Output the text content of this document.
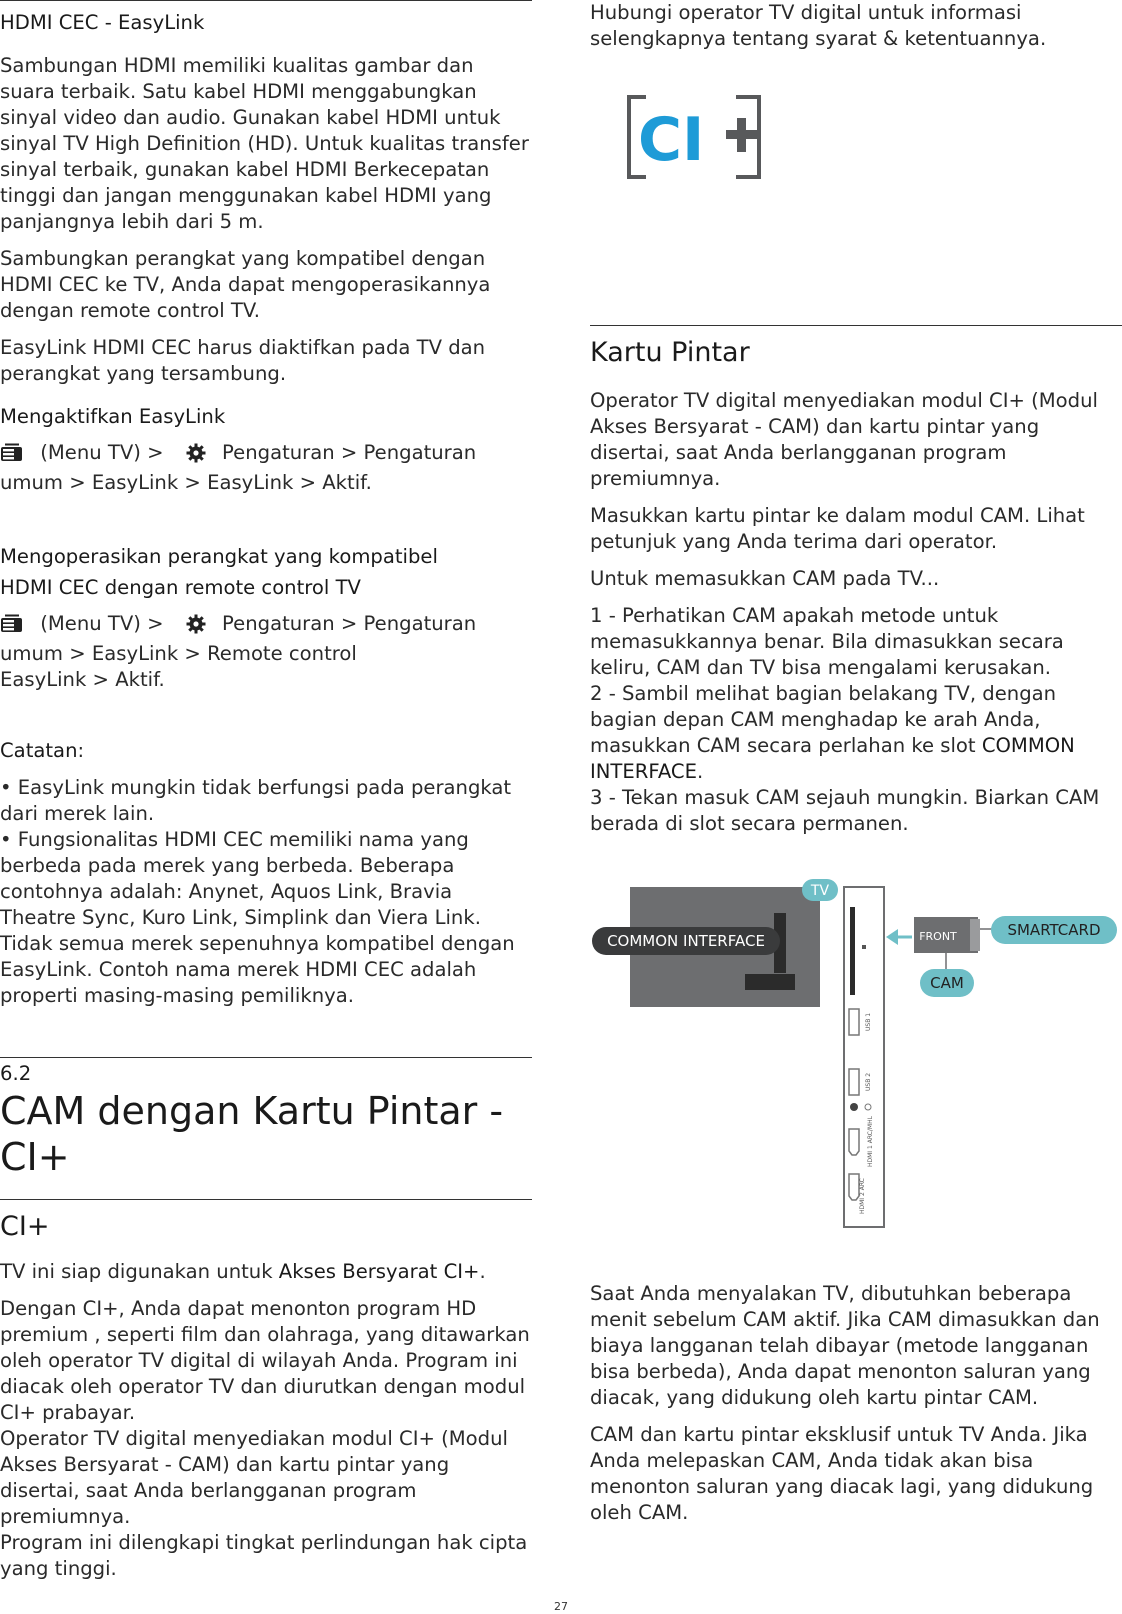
HDMI CEC - EasyLink

Sambungan HDMI memiliki kualitas gambar dan suara terbaik. Satu kabel HDMI menggabungkan sinyal video dan audio. Gunakan kabel HDMI untuk sinyal TV High Definition (HD). Untuk kualitas transfer sinyal terbaik, gunakan kabel HDMI Berkecepatan tinggi dan jangan menggunakan kabel HDMI yang panjangnya lebih dari 5 m.

Sambungkan perangkat yang kompatibel dengan HDMI CEC ke TV, Anda dapat mengoperasikannya dengan remote control TV.

EasyLink HDMI CEC harus diaktifkan pada TV dan perangkat yang tersambung.

Mengaktifkan EasyLink

(Menu TV) >	Pengaturan > Pengaturan
umum > EasyLink > EasyLink > Aktif.

Mengoperasikan perangkat yang kompatibel

HDMI CEC dengan remote control TV

(Menu TV) >	Pengaturan > Pengaturan
umum > EasyLink > Remote control
EasyLink > Aktif.

Catatan:

• EasyLink mungkin tidak berfungsi pada perangkat dari merek lain.
• Fungsionalitas HDMI CEC memiliki nama yang berbeda pada merek yang berbeda. Beberapa contohnya adalah: Anynet, Aquos Link, Bravia Theatre Sync, Kuro Link, Simplink dan Viera Link. Tidak semua merek sepenuhnya kompatibel dengan EasyLink. Contoh nama merek HDMI CEC adalah properti masing-masing pemiliknya.

6.2

CAM dengan Kartu Pintar - CI+

CI+

TV ini siap digunakan untuk Akses Bersyarat CI+.

Dengan CI+, Anda dapat menonton program HD premium , seperti film dan olahraga, yang ditawarkan oleh operator TV digital di wilayah Anda. Program ini diacak oleh operator TV dan diurutkan dengan modul CI+ prabayar.
Operator TV digital menyediakan modul CI+ (Modul Akses Bersyarat - CAM) dan kartu pintar yang disertai, saat Anda berlangganan program premiumnya.
Program ini dilengkapi tingkat perlindungan hak cipta yang tinggi.

Hubungi operator TV digital untuk informasi selengkapnya tentang syarat & ketentuannya.

CI

Kartu Pintar

Operator TV digital menyediakan modul CI+ (Modul Akses Bersyarat - CAM) dan kartu pintar yang disertai, saat Anda berlangganan program premiumnya.

Masukkan kartu pintar ke dalam modul CAM. Lihat petunjuk yang Anda terima dari operator.

Untuk memasukkan CAM pada TV...

1 - Perhatikan CAM apakah metode untuk memasukkannya benar. Bila dimasukkan secara keliru, CAM dan TV bisa mengalami kerusakan.
2 - Sambil melihat bagian belakang TV, dengan bagian depan CAM menghadap ke arah Anda, masukkan CAM secara perlahan ke slot COMMON INTERFACE.
3 - Tekan masuk CAM sejauh mungkin. Biarkan CAM berada di slot secara permanen.

TV
COMMON INTERFACE
USB 1
USB 2
HDMI 1 ARC/MHL
HDMI 2 ARC
FRONT	SMARTCARD
CAM

Saat Anda menyalakan TV, dibutuhkan beberapa menit sebelum CAM aktif. Jika CAM dimasukkan dan biaya langganan telah dibayar (metode langganan bisa berbeda), Anda dapat menonton saluran yang diacak, yang didukung oleh kartu pintar CAM.

CAM dan kartu pintar eksklusif untuk TV Anda. Jika Anda melepaskan CAM, Anda tidak akan bisa menonton saluran yang diacak lagi, yang didukung oleh CAM.

27
